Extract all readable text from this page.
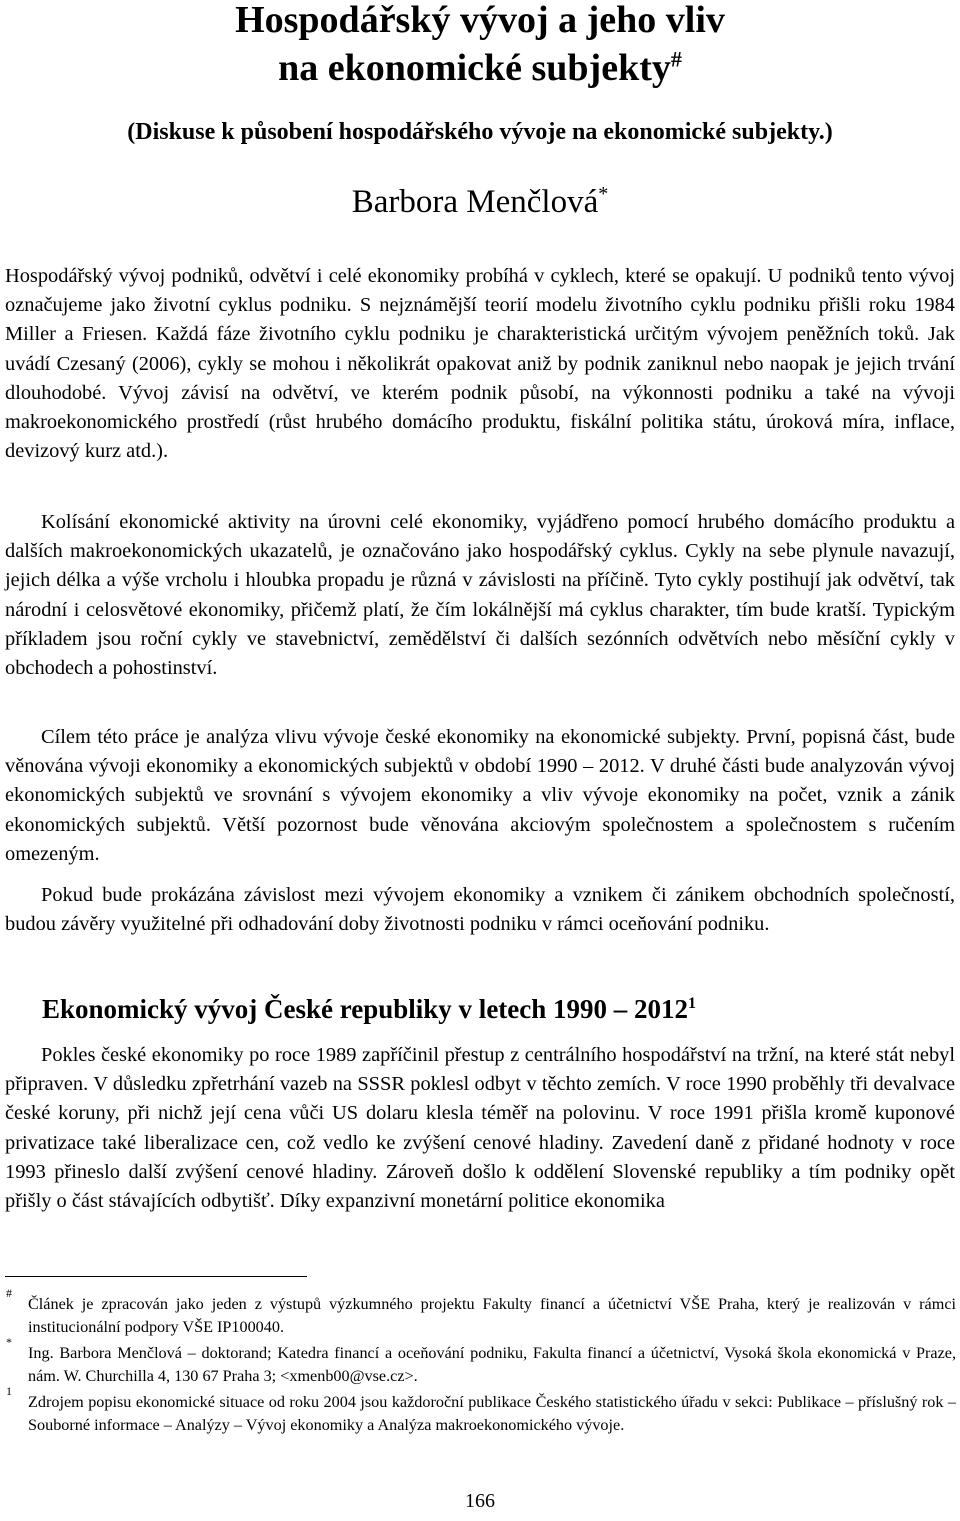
Hospodářský vývoj a jeho vliv
na ekonomické subjekty#

(Diskuse k působení hospodářského vývoje na ekonomické subjekty.)

Barbora Menčlová*

Hospodářský vývoj podniků, odvětví i celé ekonomiky probíhá v cyklech, které se opakují. U podniků tento vývoj označujeme jako životní cyklus podniku. S nejznámější teorií modelu životního cyklu podniku přišli roku 1984 Miller a Friesen. Každá fáze životního cyklu podniku je charakteristická určitým vývojem peněžních toků. Jak uvádí Czesaný (2006), cykly se mohou i několikrát opakovat aniž by podnik zaniknul nebo naopak je jejich trvání dlouhodobé. Vývoj závisí na odvětví, ve kterém podnik působí, na výkonnosti podniku a také na vývoji makroekonomického prostředí (růst hrubého domácího produktu, fiskální politika státu, úroková míra, inflace, devizový kurz atd.).

Kolísání ekonomické aktivity na úrovni celé ekonomiky, vyjádřeno pomocí hrubého domácího produktu a dalších makroekonomických ukazatelů, je označováno jako hospodářský cyklus. Cykly na sebe plynule navazují, jejich délka a výše vrcholu i hloubka propadu je různá v závislosti na příčině. Tyto cykly postihují jak odvětví, tak národní i celosvětové ekonomiky, přičemž platí, že čím lokálnější má cyklus charakter, tím bude kratší. Typickým příkladem jsou roční cykly ve stavebnictví, zemědělství či dalších sezónních odvětvích nebo měsíční cykly v obchodech a pohostinství.

Cílem této práce je analýza vlivu vývoje české ekonomiky na ekonomické subjekty. První, popisná část, bude věnována vývoji ekonomiky a ekonomických subjektů v období 1990 – 2012. V druhé části bude analyzován vývoj ekonomických subjektů ve srovnání s vývojem ekonomiky a vliv vývoje ekonomiky na počet, vznik a zánik ekonomických subjektů. Větší pozornost bude věnována akciovým společnostem a společnostem s ručením omezeným.

Pokud bude prokázána závislost mezi vývojem ekonomiky a vznikem či zánikem obchodních společností, budou závěry využitelné při odhadování doby životnosti podniku v rámci oceňování podniku.

Ekonomický vývoj České republiky v letech 1990 – 2012$^1$

Pokles české ekonomiky po roce 1989 zapříčinil přestup z centrálního hospodářství na tržní, na které stát nebyl připraven. V důsledku zpřetrhání vazeb na SSSR poklesl odbyt v těchto zemích. V roce 1990 proběhly tři devalvace české koruny, při nichž její cena vůči US dolaru klesla téměř na polovinu. V roce 1991 přišla kromě kuponové privatizace také liberalizace cen, což vedlo ke zvýšení cenové hladiny. Zavedení daně z přidané hodnoty v roce 1993 přineslo další zvýšení cenové hladiny. Zároveň došlo k oddělení Slovenské republiky a tím podniky opět přišly o část stávajících odbytišť. Díky expanzivní monetární politice ekonomika

#
Článek je zpracován jako jeden z výstupů výzkumného projektu Fakulty financí a účetnictví VŠE Praha, který je realizován v rámci institucionální podpory VŠE IP100040.

*
Ing. Barbora Menčlová – doktorand; Katedra financí a oceňování podniku, Fakulta financí a účetnictví, Vysoká škola ekonomická v Praze, nám. W. Churchilla 4, 130 67 Praha 3; <xmenb00@vse.cz>.

1
Zdrojem popisu ekonomické situace od roku 2004 jsou každoroční publikace Českého statistického úřadu v sekci: Publikace – příslušný rok – Souborné informace – Analýzy – Vývoj ekonomiky a Analýza makroekonomického vývoje.

166
